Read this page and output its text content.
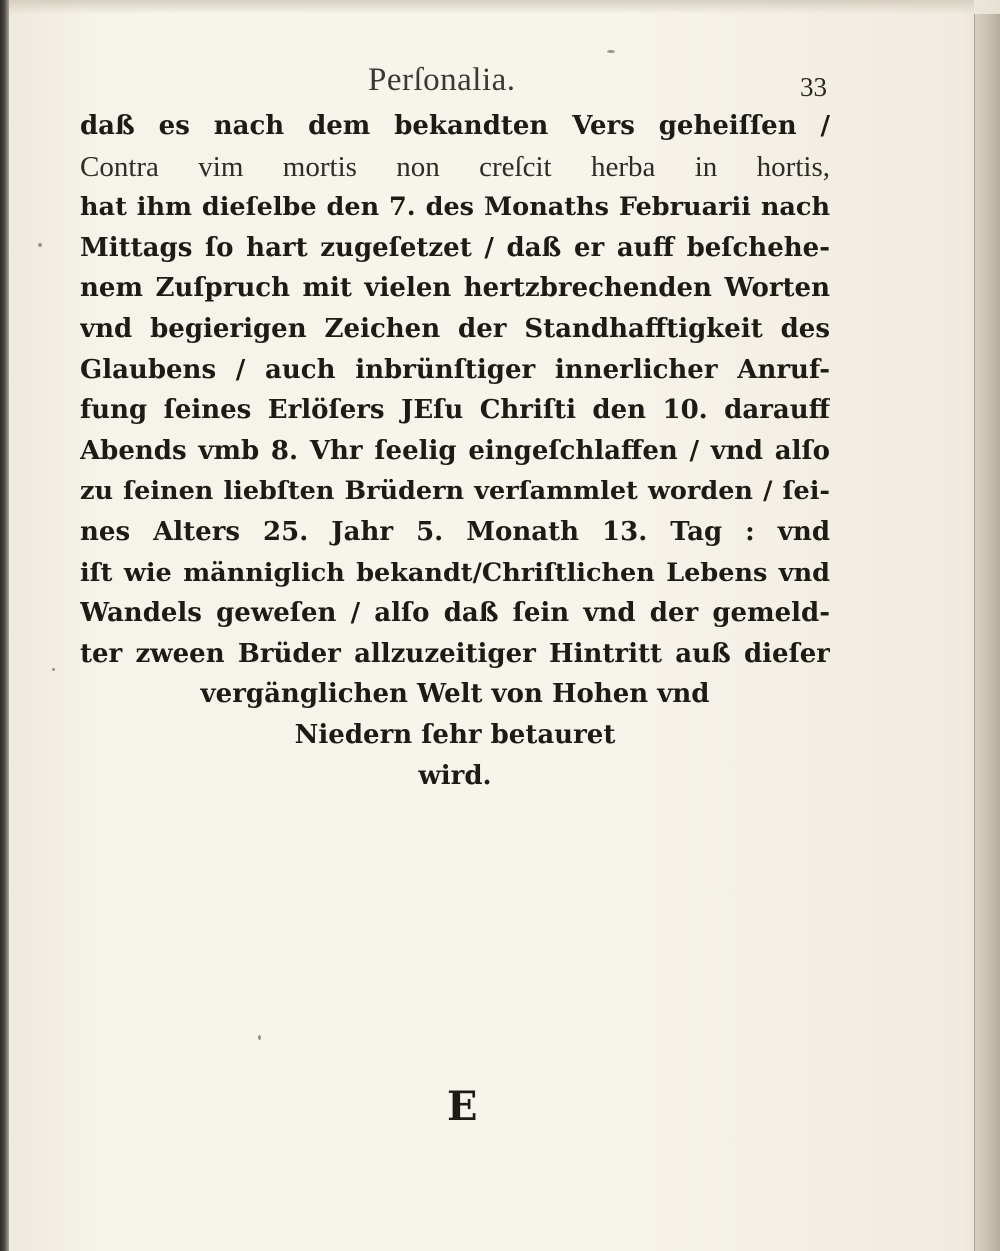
Perſonalia.	33
daß es nach dem bekandten Vers geheiſſen /
Contra vim mortis non creſcit herba in hortis,
hat ihm dieſelbe den 7. des Monaths Februarii nach
Mittags ſo hart zugeſetzet / daß er auff beſchehe-
nem Zuſpruch mit vielen hertzbrechenden Worten
vnd begierigen Zeichen der Standhafftigkeit des
Glaubens / auch inbrünſtiger innerlicher Anruf-
fung ſeines Erlöſers JEſu Chriſti den 10. darauff
Abends vmb 8. Vhr ſeelig eingeſchlaffen / vnd alſo
zu ſeinen liebſten Brüdern verſammlet worden / ſei-
nes Alters 25. Jahr 5. Monath 13. Tag : vnd
iſt wie männiglich bekandt/Chriſtlichen Lebens vnd
Wandels geweſen / alſo daß ſein vnd der gemeld-
ter zween Brüder allzuzeitiger Hintritt auß dieſer
vergänglichen Welt von Hohen vnd
Niedern ſehr betauret
wird.
E
